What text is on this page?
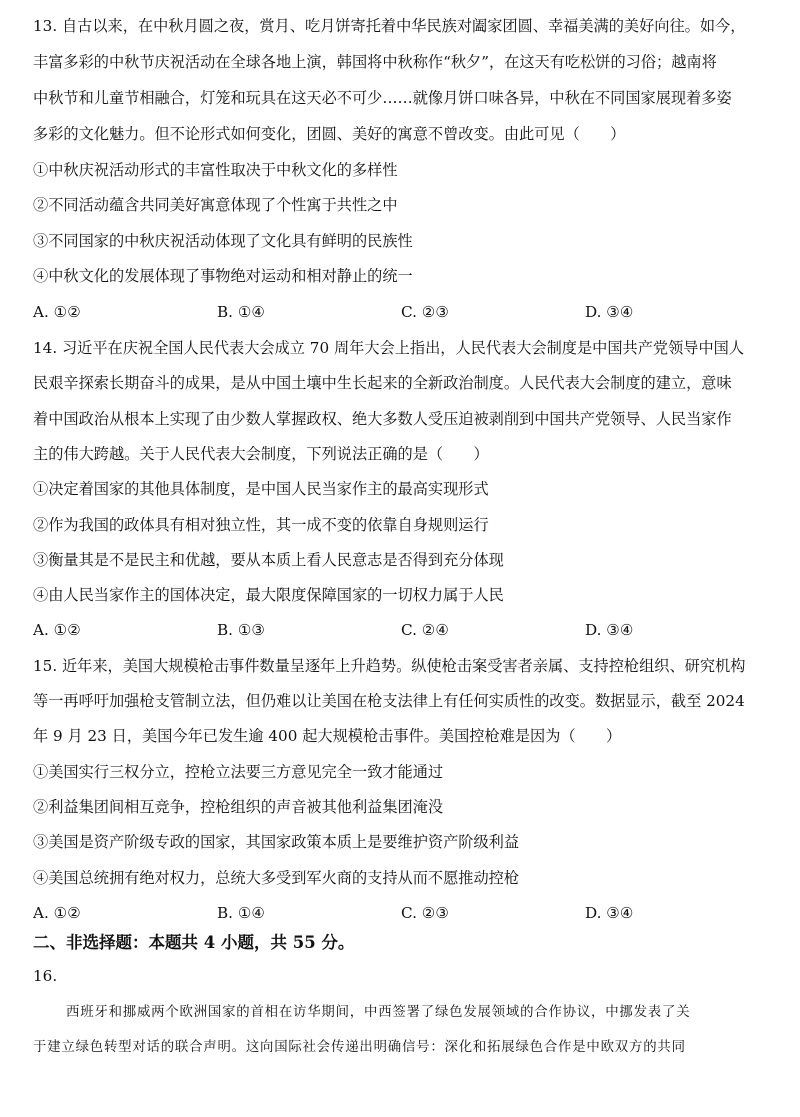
13. 自古以来，在中秋月圆之夜，赏月、吃月饼寄托着中华民族对阖家团圆、幸福美满的美好向往。如今，
丰富多彩的中秋节庆祝活动在全球各地上演，韩国将中秋称作“秋夕”，在这天有吃松饼的习俗；越南将
中秋节和儿童节相融合，灯笼和玩具在这天必不可少……就像月饼口味各异，中秋在不同国家展现着多姿
多彩的文化魅力。但不论形式如何变化，团圆、美好的寓意不曾改变。由此可见（　　）
①中秋庆祝活动形式的丰富性取决于中秋文化的多样性
②不同活动蕴含共同美好寓意体现了个性寓于共性之中
③不同国家的中秋庆祝活动体现了文化具有鲜明的民族性
④中秋文化的发展体现了事物绝对运动和相对静止的统一
A. ①②	B. ①④	C. ②③	D. ③④
14. 习近平在庆祝全国人民代表大会成立 70 周年大会上指出，人民代表大会制度是中国共产党领导中国人
民艰辛探索长期奋斗的成果，是从中国土壤中生长起来的全新政治制度。人民代表大会制度的建立，意味
着中国政治从根本上实现了由少数人掌握政权、绝大多数人受压迫被剥削到中国共产党领导、人民当家作
主的伟大跨越。关于人民代表大会制度，下列说法正确的是（　　）
①决定着国家的其他具体制度，是中国人民当家作主的最高实现形式
②作为我国的政体具有相对独立性，其一成不变的依靠自身规则运行
③衡量其是不是民主和优越，要从本质上看人民意志是否得到充分体现
④由人民当家作主的国体决定，最大限度保障国家的一切权力属于人民
A. ①②	B. ①③	C. ②④	D. ③④
15. 近年来，美国大规模枪击事件数量呈逐年上升趋势。纵使枪击案受害者亲属、支持控枪组织、研究机构
等一再呼吁加强枪支管制立法，但仍难以让美国在枪支法律上有任何实质性的改变。数据显示，截至 2024
年 9 月 23 日，美国今年已发生逾 400 起大规模枪击事件。美国控枪难是因为（　　）
①美国实行三权分立，控枪立法要三方意见完全一致才能通过
②利益集团间相互竞争，控枪组织的声音被其他利益集团淹没
③美国是资产阶级专政的国家，其国家政策本质上是要维护资产阶级利益
④美国总统拥有绝对权力，总统大多受到军火商的支持从而不愿推动控枪
A. ①②	B. ①④	C. ②③	D. ③④
二、非选择题：本题共 4 小题，共 55 分。
16.
西班牙和挪威两个欧洲国家的首相在访华期间，中西签署了绿色发展领域的合作协议，中挪发表了关
于建立绿色转型对话的联合声明。这向国际社会传递出明确信号：深化和拓展绿色合作是中欧双方的共同
